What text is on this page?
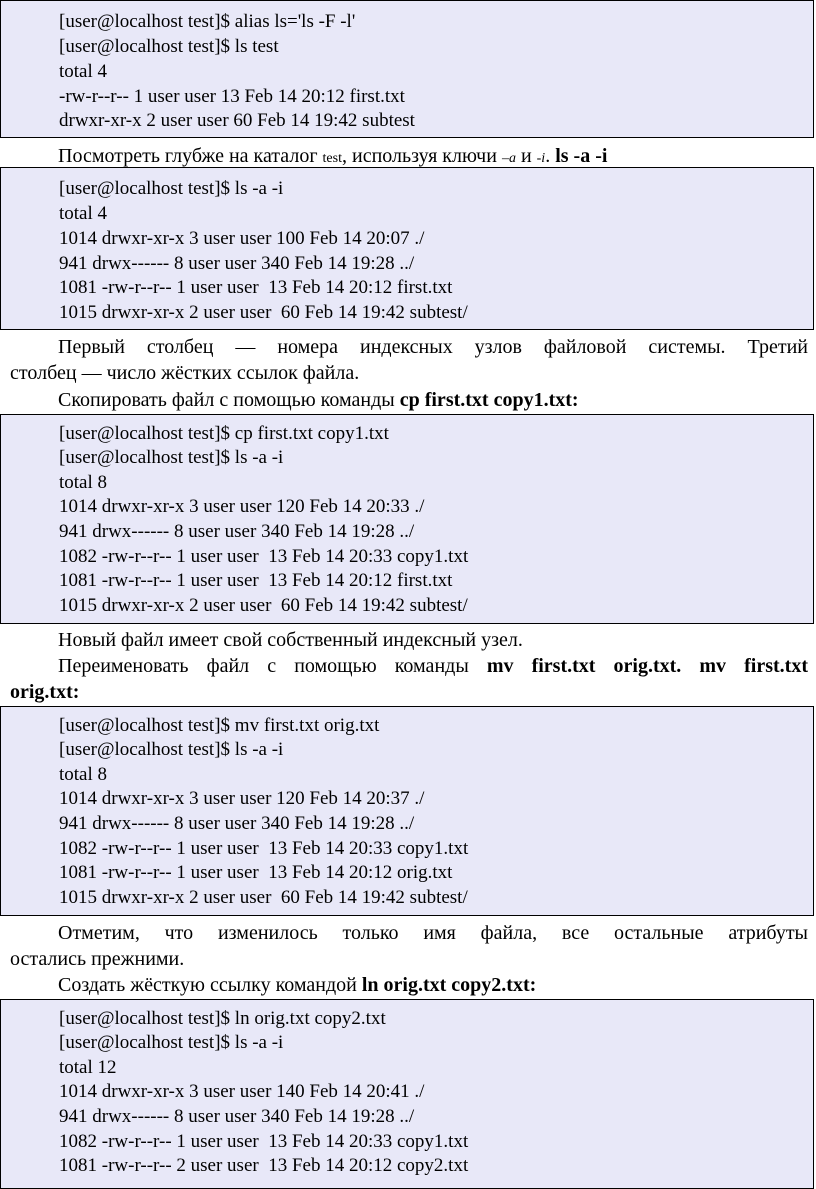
[user@localhost test]$ alias ls='ls -F -l'
[user@localhost test]$ ls test
total 4
-rw-r--r-- 1 user user 13 Feb 14 20:12 first.txt
drwxr-xr-x 2 user user 60 Feb 14 19:42 subtest
Посмотреть глубже на каталог test, используя ключи –a и -i. ls -a -i
[user@localhost test]$ ls -a -i
total 4
1014 drwxr-xr-x 3 user user 100 Feb 14 20:07 ./
941 drwx------ 8 user user 340 Feb 14 19:28 ../
1081 -rw-r--r-- 1 user user  13 Feb 14 20:12 first.txt
1015 drwxr-xr-x 2 user user  60 Feb 14 19:42 subtest/
Первый столбец — номера индексных узлов файловой системы. Третий
столбец — число жёстких ссылок файла.
Скопировать файл с помощью команды cp first.txt copy1.txt:
[user@localhost test]$ cp first.txt copy1.txt
[user@localhost test]$ ls -a -i
total 8
1014 drwxr-xr-x 3 user user 120 Feb 14 20:33 ./
941 drwx------ 8 user user 340 Feb 14 19:28 ../
1082 -rw-r--r-- 1 user user  13 Feb 14 20:33 copy1.txt
1081 -rw-r--r-- 1 user user  13 Feb 14 20:12 first.txt
1015 drwxr-xr-x 2 user user  60 Feb 14 19:42 subtest/
Новый файл имеет свой собственный индексный узел.
Переименовать файл с помощью команды mv first.txt orig.txt. mv first.txt
orig.txt:
[user@localhost test]$ mv first.txt orig.txt
[user@localhost test]$ ls -a -i
total 8
1014 drwxr-xr-x 3 user user 120 Feb 14 20:37 ./
941 drwx------ 8 user user 340 Feb 14 19:28 ../
1082 -rw-r--r-- 1 user user  13 Feb 14 20:33 copy1.txt
1081 -rw-r--r-- 1 user user  13 Feb 14 20:12 orig.txt
1015 drwxr-xr-x 2 user user  60 Feb 14 19:42 subtest/
Отметим, что изменилось только имя файла, все остальные атрибуты
остались прежними.
Создать жёсткую ссылку командой ln orig.txt copy2.txt:
[user@localhost test]$ ln orig.txt copy2.txt
[user@localhost test]$ ls -a -i
total 12
1014 drwxr-xr-x 3 user user 140 Feb 14 20:41 ./
941 drwx------ 8 user user 340 Feb 14 19:28 ../
1082 -rw-r--r-- 1 user user  13 Feb 14 20:33 copy1.txt
1081 -rw-r--r-- 2 user user  13 Feb 14 20:12 copy2.txt
